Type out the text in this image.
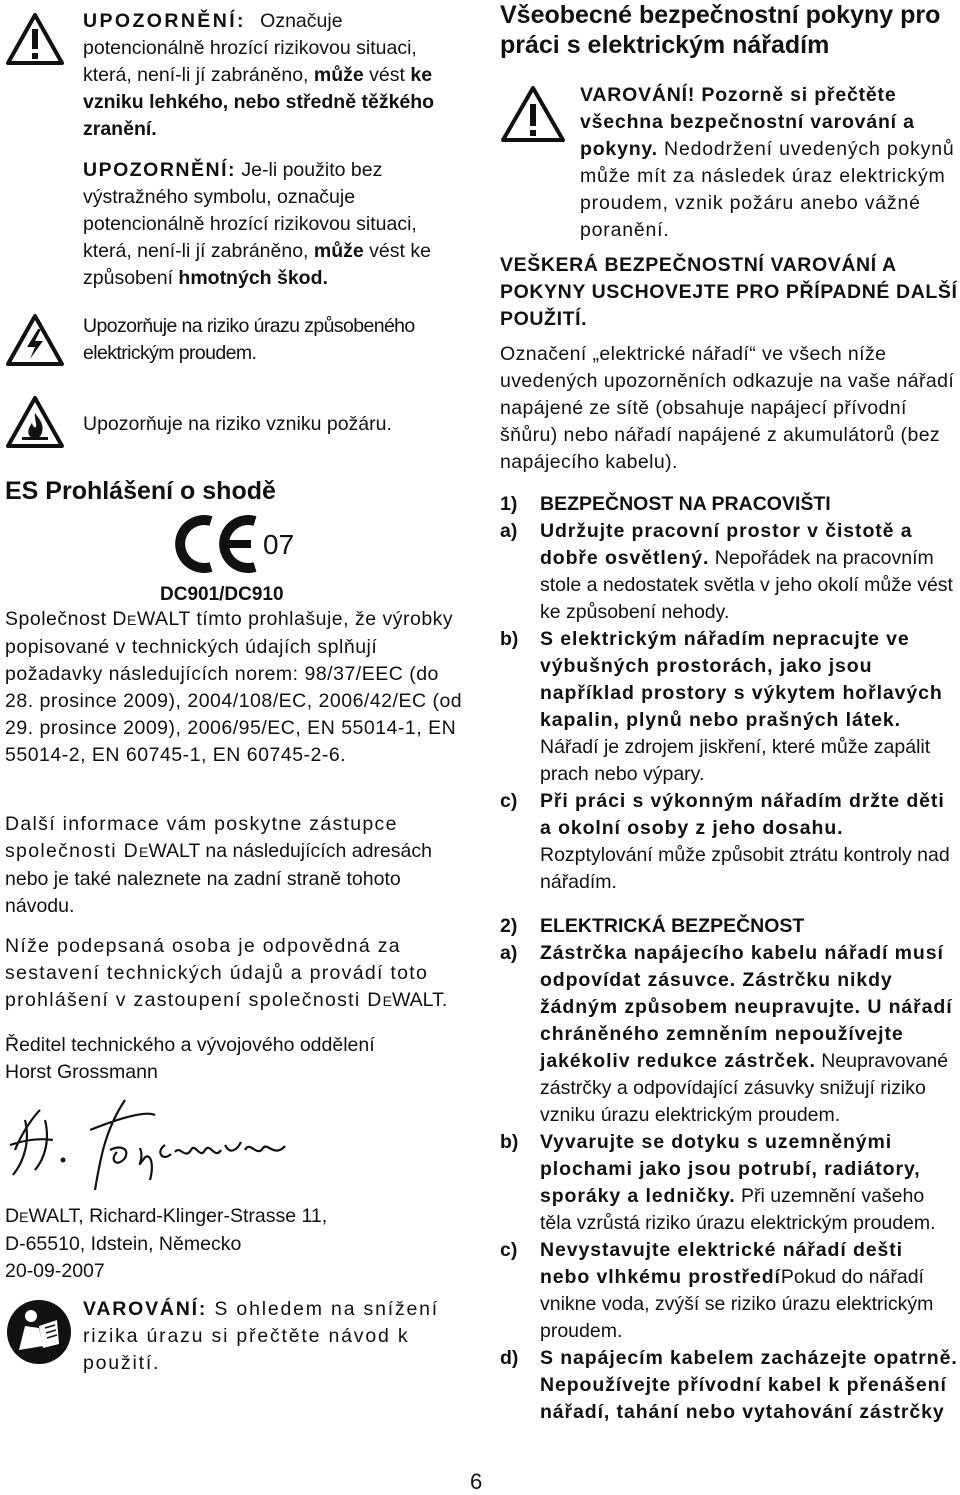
UPOZORNĚNÍ: Označuje potencionálně hrozící rizikovou situaci, která, není-li jí zabráněno, může vést ke vzniku lehkého, nebo středně těžkého zranění.

UPOZORNĚNÍ: Je-li použito bez výstražného symbolu, označuje potencionálně hrozící rizikovou situaci, která, není-li jí zabráněno, může vést ke způsobení hmotných škod.

Upozorňuje na riziko úrazu způsobeného elektrickým proudem.

Upozorňuje na riziko vzniku požáru.

ES Prohlášení o shodě
07
DC901/DC910

Společnost DEWALT tímto prohlašuje, že výrobky popisované v technických údajích splňují požadavky následujících norem: 98/37/EEC (do 28. prosince 2009), 2004/108/EC, 2006/42/EC (od 29. prosince 2009), 2006/95/EC, EN 55014-1, EN 55014-2, EN 60745-1, EN 60745-2-6.

Další informace vám poskytne zástupce společnosti DEWALT na následujících adresách nebo je také naleznete na zadní straně tohoto návodu.

Níže podepsaná osoba je odpovědná za sestavení technických údajů a provádí toto prohlášení v zastoupení společnosti DEWALT.

Ředitel technického a vývojového oddělení

Horst Grossmann

DEWALT, Richard-Klinger-Strasse 11,

D-65510, Idstein, Německo

20-09-2007

VAROVÁNÍ: S ohledem na snížení rizika úrazu si přečtěte návod k použití.

Všeobecné bezpečnostní pokyny pro práci s elektrickým nářadím

VAROVÁNÍ! Pozorně si přečtěte všechna bezpečnostní varování a pokyny. Nedodržení uvedených pokynů může mít za následek úraz elektrickým proudem, vznik požáru anebo vážné poranění.

VEŠKERÁ BEZPEČNOSTNÍ VAROVÁNÍ A POKYNY USCHOVEJTE PRO PŘÍPADNÉ DALŠÍ POUŽITÍ.

Označení „elektrické nářadí“ ve všech níže uvedených upozorněních odkazuje na vaše nářadí napájené ze sítě (obsahuje napájecí přívodní šňůru) nebo nářadí napájené z akumulátorů (bez napájecího kabelu).

1)	BEZPEČNOST NA PRACOVIŠTI

a)	Udržujte pracovní prostor v čistotě a dobře osvětlený. Nepořádek na pracovním stole a nedostatek světla v jeho okolí může vést ke způsobení nehody.

b)	S elektrickým nářadím nepracujte ve výbušných prostorách, jako jsou například prostory s výkytem hořlavých kapalin, plynů nebo prašných látek. Nářadí je zdrojem jiskření, které může zapálit prach nebo výpary.

c)	Při práci s výkonným nářadím držte děti a okolní osoby z jeho dosahu. Rozptylování může způsobit ztrátu kontroly nad nářadím.

2)	ELEKTRICKÁ BEZPEČNOST

a)	Zástrčka napájecího kabelu nářadí musí odpovídat zásuvce. Zástrčku nikdy žádným způsobem neupravujte. U nářadí chráněného zemněním nepoužívejte jakékoliv redukce zástrček. Neupravované zástrčky a odpovídající zásuvky snižují riziko vzniku úrazu elektrickým proudem.

b)	Vyvarujte se dotyku s uzemněnými plochami jako jsou potrubí, radiátory, sporáky a ledničky. Při uzemnění vašeho těla vzrůstá riziko úrazu elektrickým proudem.

c)	Nevystavujte elektrické nářadí dešti nebo vlhkému prostředíPokud do nářadí vnikne voda, zvýší se riziko úrazu elektrickým proudem.

d)	S napájecím kabelem zacházejte opatrně. Nepoužívejte přívodní kabel k přenášení nářadí, tahání nebo vytahování zástrčky

6
